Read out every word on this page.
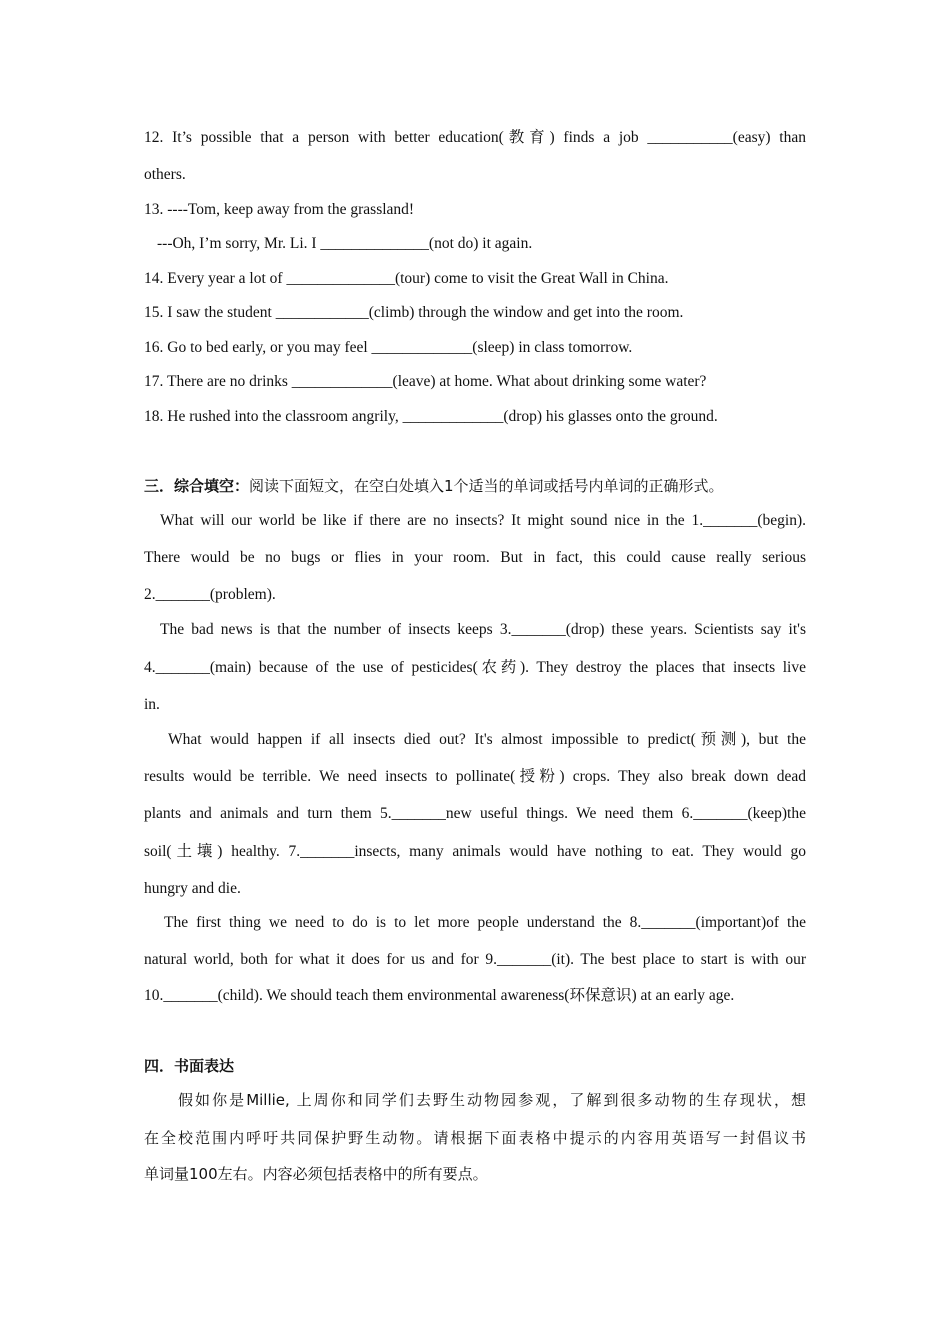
12. It’s possible that a person with better education(教育) finds a job ___________(easy) than
others.
13. ----Tom, keep away from the grassland!
---Oh, I’m sorry, Mr. Li. I ______________(not do) it again.
14. Every year a lot of ______________(tour) come to visit the Great Wall in China.
15. I saw the student ____________(climb) through the window and get into the room.
16. Go to bed early, or you may feel _____________(sleep) in class tomorrow.
17. There are no drinks _____________(leave) at home. What about drinking some water?
18. He rushed into the classroom angrily, _____________(drop) his glasses onto the ground.
三．综合填空：阅读下面短文，在空白处填入1个适当的单词或括号内单词的正确形式。
What will our world be like if there are no insects? It might sound nice in the 1._______(begin).
There would be no bugs or flies in your room. But in fact, this could cause really serious
2._______(problem).
The bad news is that the number of insects keeps 3._______(drop) these years. Scientists say it's
4._______(main) because of the use of pesticides(农药). They destroy the places that insects live
in.
What would happen if all insects died out? It's almost impossible to predict(预测), but the
results would be terrible. We need insects to pollinate(授粉) crops. They also break down dead
plants and animals and turn them 5._______new useful things. We need them 6._______(keep)the
soil(土壤) healthy. 7._______insects, many animals would have nothing to eat. They would go
hungry and die.
The first thing we need to do is to let more people understand the 8._______(important)of the
natural world, both for what it does for us and for 9._______(it). The best place to start is with our
10._______(child). We should teach them environmental awareness(环保意识) at an early age.
四．书面表达
假如你是Millie, 上周你和同学们去野生动物园参观，了解到很多动物的生存现状，想
在全校范围内呼吁共同保护野生动物。请根据下面表格中提示的内容用英语写一封倡议书
单词量100左右。内容必须包括表格中的所有要点。
